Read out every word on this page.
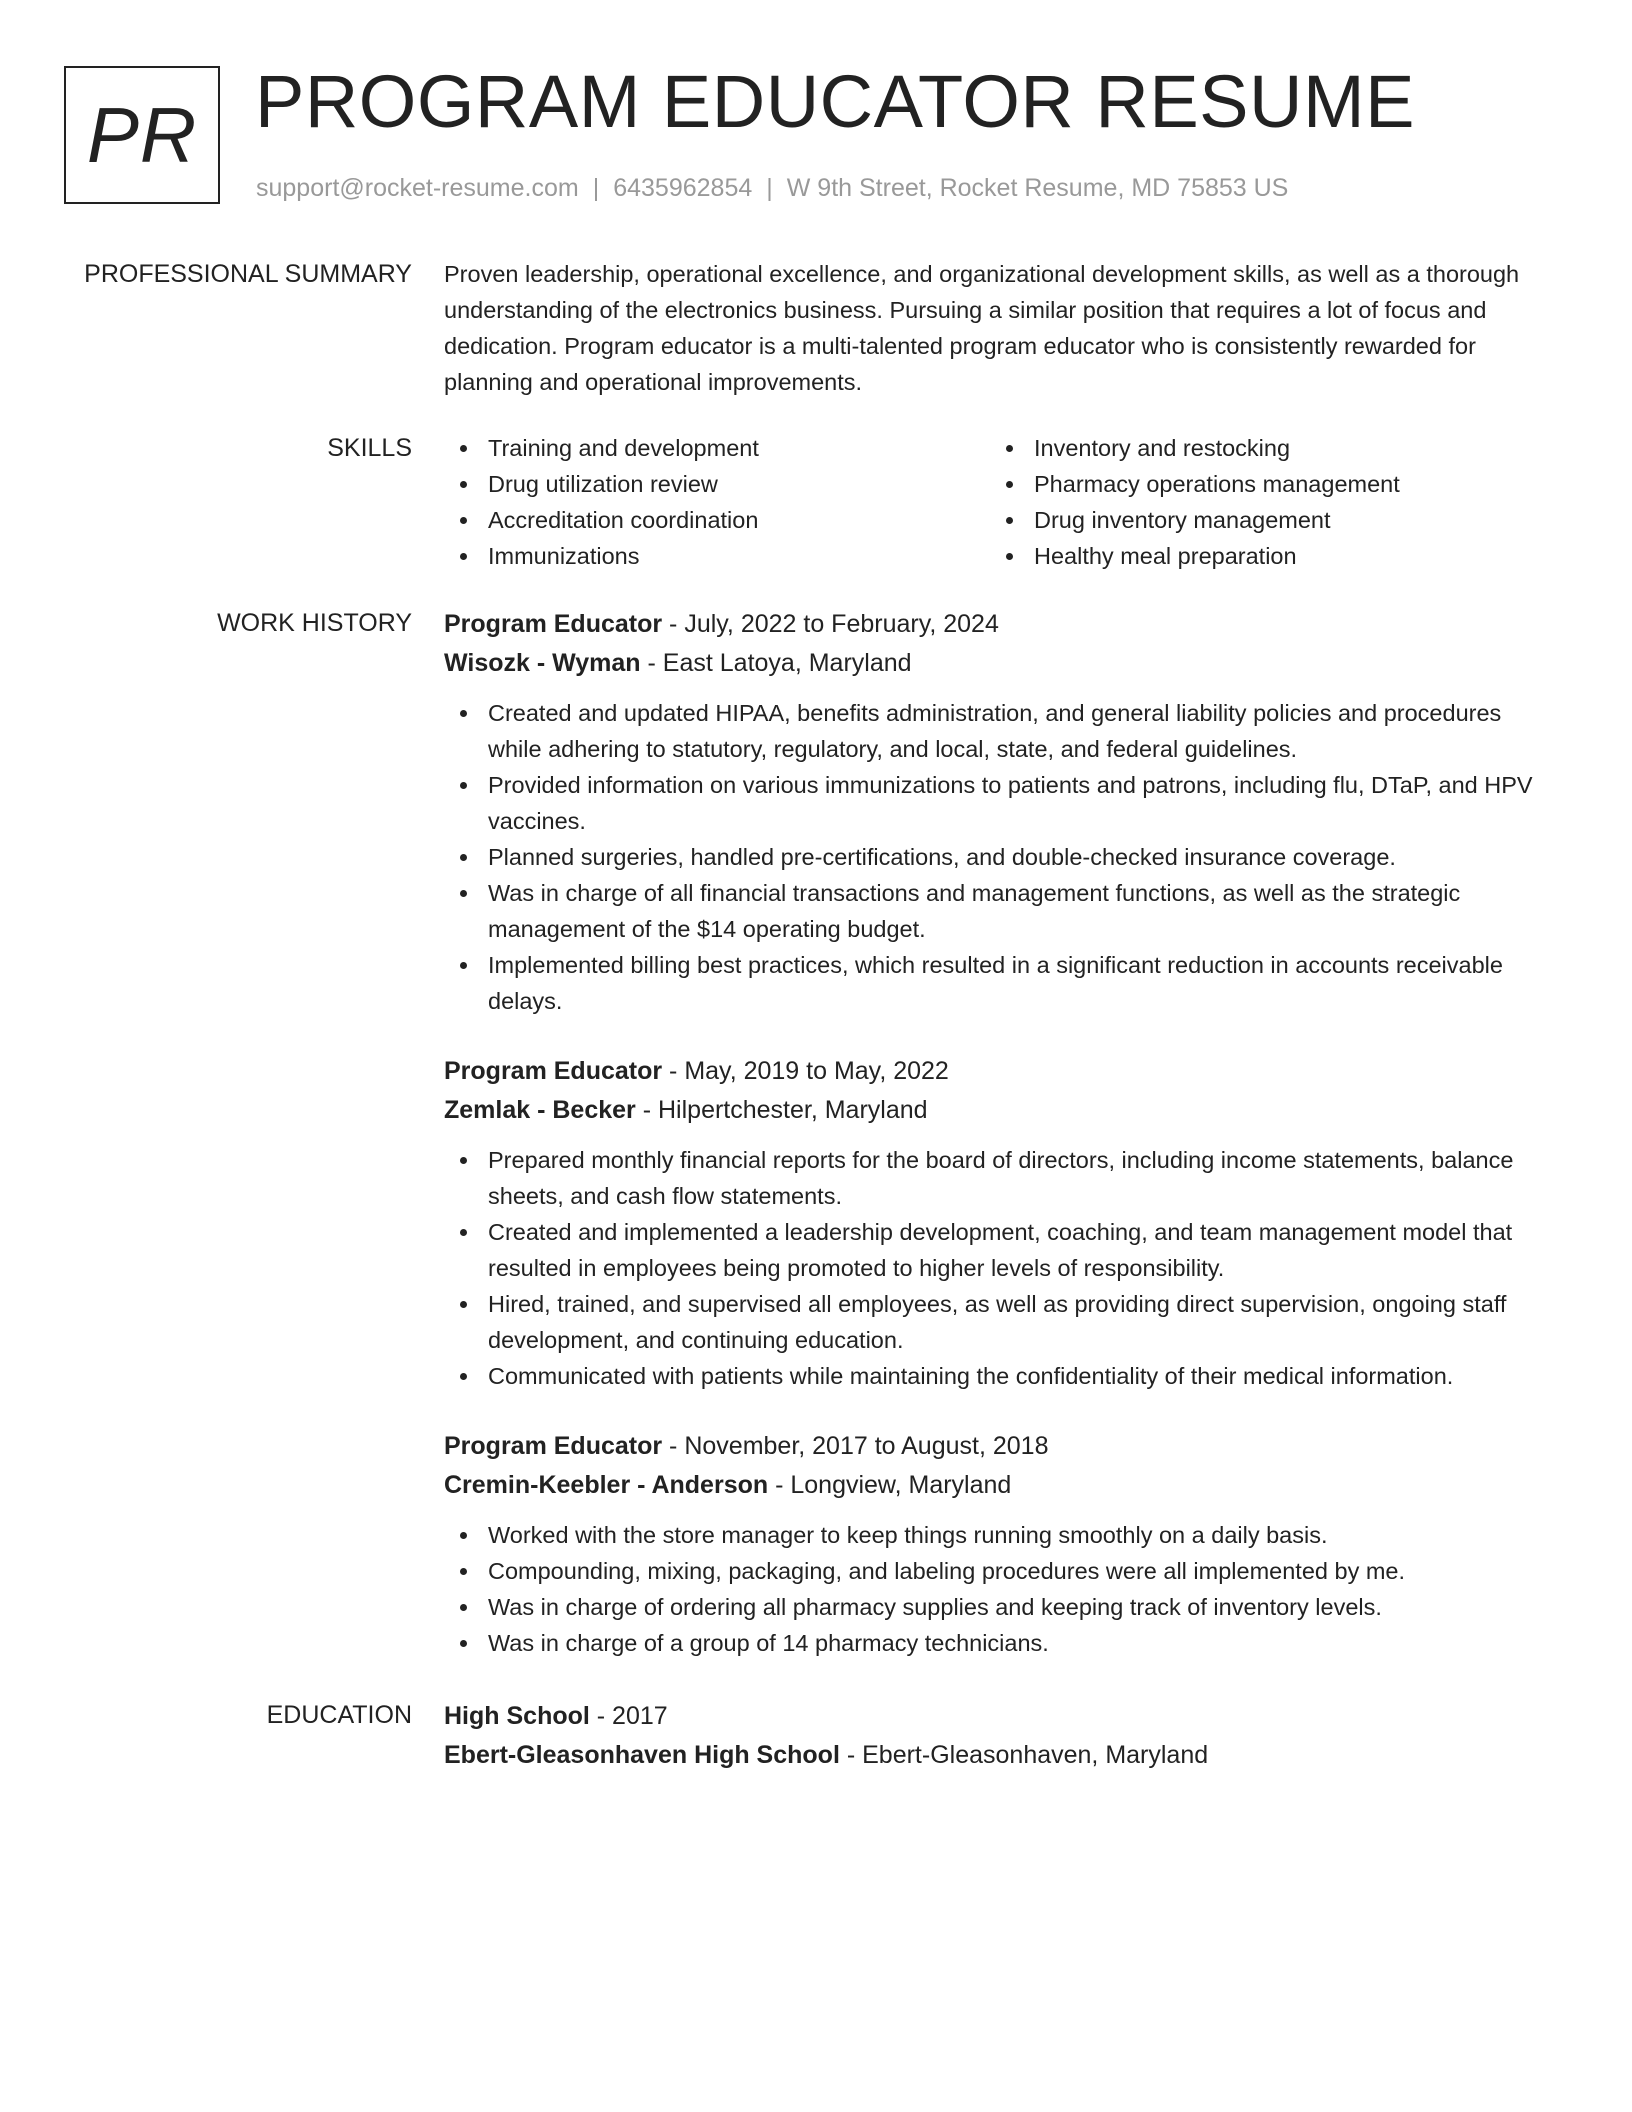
PR PROGRAM EDUCATOR RESUME
support@rocket-resume.com | 6435962854 | W 9th Street, Rocket Resume, MD 75853 US
PROFESSIONAL SUMMARY Proven leadership, operational excellence, and organizational development skills, as well as a thorough understanding of the electronics business. Pursuing a similar position that requires a lot of focus and dedication. Program educator is a multi-talented program educator who is consistently rewarded for planning and operational improvements.

SKILLS	Training and development
Drug utilization review
Accreditation coordination
Immunizations
Inventory and restocking
Pharmacy operations management
Drug inventory management
Healthy meal preparation
WORK HISTORY Program Educator - July, 2022 to February, 2024
Wisozk - Wyman - East Latoya, Maryland
Created and updated HIPAA, benefits administration, and general liability policies and procedures while adhering to statutory, regulatory, and local, state, and federal guidelines.
Provided information on various immunizations to patients and patrons, including flu, DTaP, and HPV vaccines.
Planned surgeries, handled pre-certifications, and double-checked insurance coverage.
Was in charge of all financial transactions and management functions, as well as the strategic management of the $14 operating budget.
Implemented billing best practices, which resulted in a significant reduction in accounts receivable delays.
Program Educator - May, 2019 to May, 2022
Zemlak - Becker - Hilpertchester, Maryland
Prepared monthly financial reports for the board of directors, including income statements, balance sheets, and cash flow statements.
Created and implemented a leadership development, coaching, and team management model that resulted in employees being promoted to higher levels of responsibility.
Hired, trained, and supervised all employees, as well as providing direct supervision, ongoing staff development, and continuing education.
Communicated with patients while maintaining the confidentiality of their medical information.
Program Educator - November, 2017 to August, 2018
Cremin-Keebler - Anderson - Longview, Maryland
Worked with the store manager to keep things running smoothly on a daily basis.
Compounding, mixing, packaging, and labeling procedures were all implemented by me.
Was in charge of ordering all pharmacy supplies and keeping track of inventory levels.
Was in charge of a group of 14 pharmacy technicians.
EDUCATION High School - 2017
Ebert-Gleasonhaven High School - Ebert-Gleasonhaven, Maryland
